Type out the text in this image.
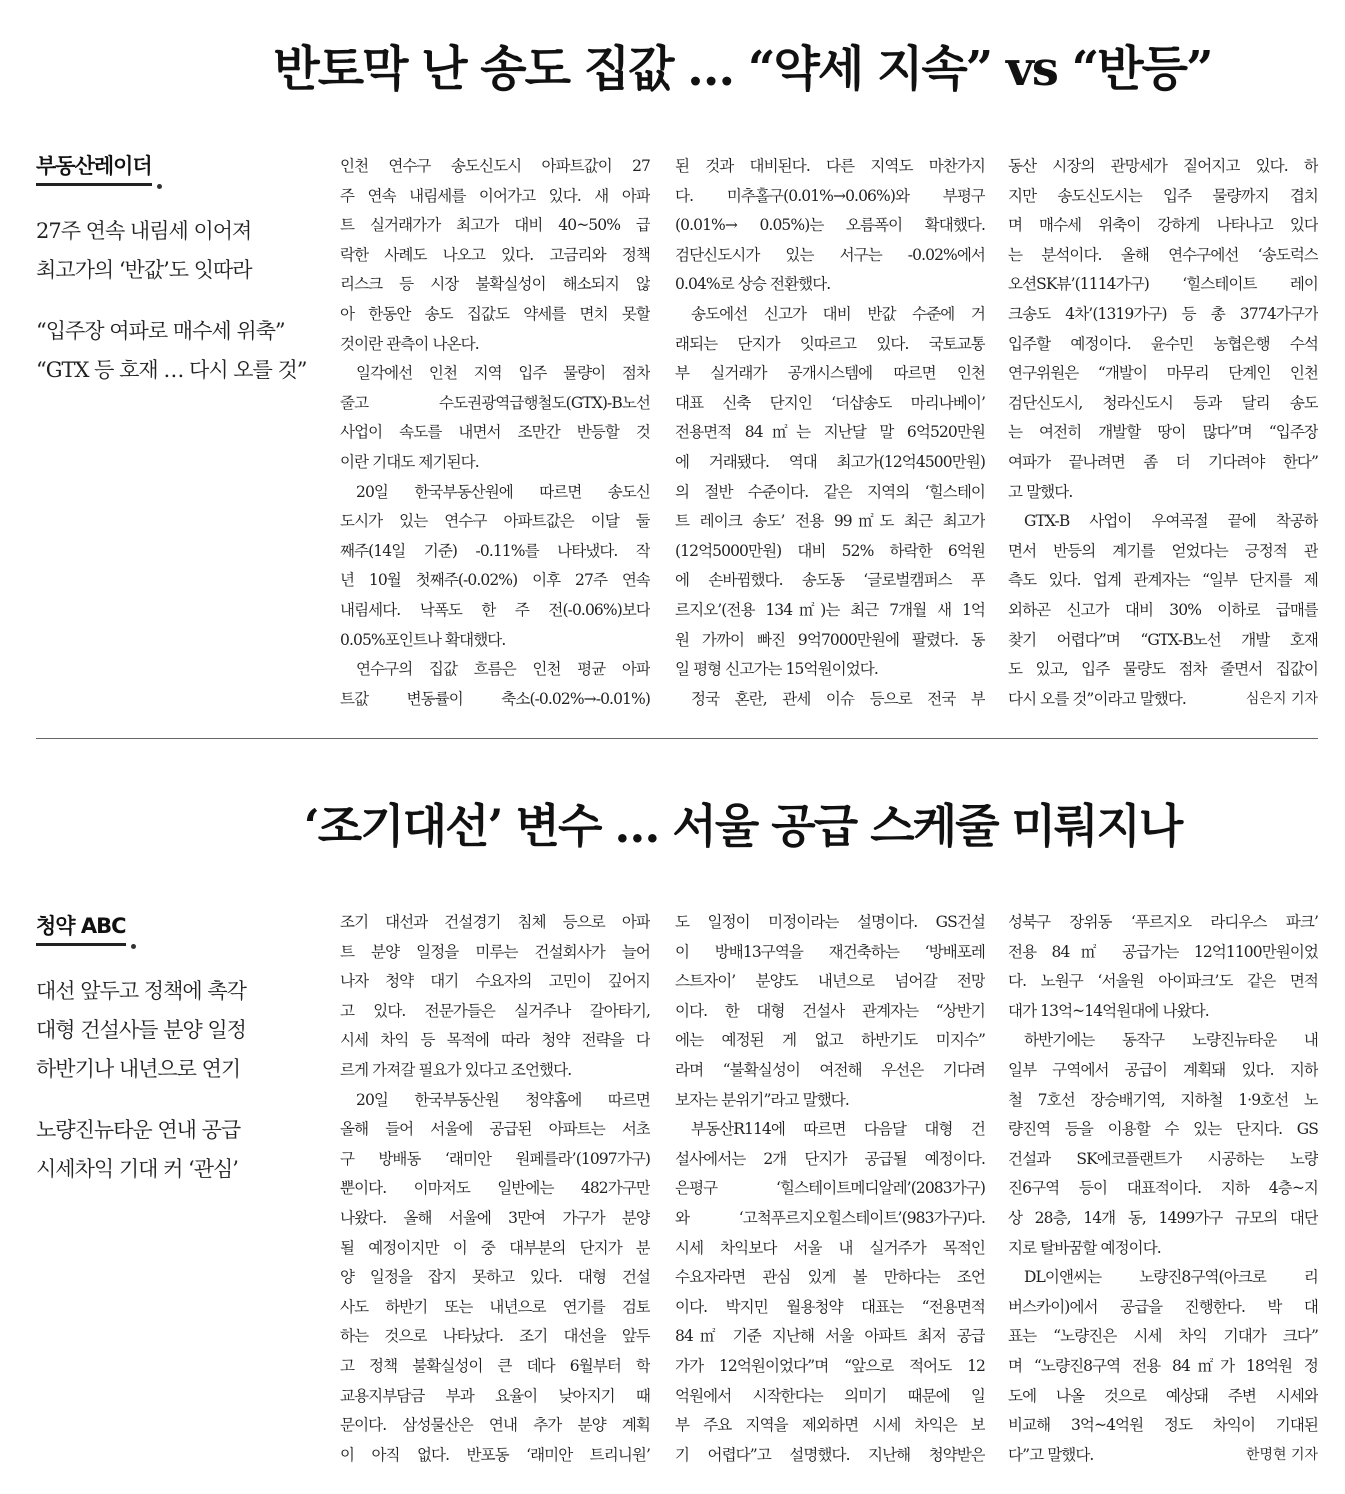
반토막 난 송도 집값 … “약세 지속” vs “반등”
부동산레이더
27주 연속 내림세 이어져
최고가의 ‘반값’도 잇따라
“입주장 여파로 매수세 위축”
“GTX 등 호재 … 다시 오를 것”
인천 연수구 송도신도시 아파트값이 27
주 연속 내림세를 이어가고 있다. 새 아파
트 실거래가가 최고가 대비 40~50% 급
락한 사례도 나오고 있다. 고금리와 정책
리스크 등 시장 불확실성이 해소되지 않
아 한동안 송도 집값도 약세를 면치 못할
것이란 관측이 나온다.
일각에선 인천 지역 입주 물량이 점차
줄고 수도권광역급행철도(GTX)-B노선
사업이 속도를 내면서 조만간 반등할 것
이란 기대도 제기된다.
20일 한국부동산원에 따르면 송도신
도시가 있는 연수구 아파트값은 이달 둘
째주(14일 기준) -0.11%를 나타냈다. 작
년 10월 첫째주(-0.02%) 이후 27주 연속
내림세다. 낙폭도 한 주 전(-0.06%)보다
0.05%포인트나 확대했다.
연수구의 집값 흐름은 인천 평균 아파
트값 변동률이 축소(-0.02%→-0.01%)
된 것과 대비된다. 다른 지역도 마찬가지
다. 미추홀구(0.01%→0.06%)와 부평구
(0.01%→ 0.05%)는 오름폭이 확대했다.
검단신도시가 있는 서구는 -0.02%에서
0.04%로 상승 전환했다.
송도에선 신고가 대비 반값 수준에 거
래되는 단지가 잇따르고 있다. 국토교통
부 실거래가 공개시스템에 따르면 인천
대표 신축 단지인 ‘더샵송도 마리나베이’
전용면적 84㎡는 지난달 말 6억520만원
에 거래됐다. 역대 최고가(12억4500만원)
의 절반 수준이다. 같은 지역의 ‘힐스테이
트 레이크 송도’ 전용 99㎡도 최근 최고가
(12억5000만원) 대비 52% 하락한 6억원
에 손바뀜했다. 송도동 ‘글로벌캠퍼스 푸
르지오’(전용 134㎡)는 최근 7개월 새 1억
원 가까이 빠진 9억7000만원에 팔렸다. 동
일 평형 신고가는 15억원이었다.
정국 혼란, 관세 이슈 등으로 전국 부
동산 시장의 관망세가 짙어지고 있다. 하
지만 송도신도시는 입주 물량까지 겹치
며 매수세 위축이 강하게 나타나고 있다
는 분석이다. 올해 연수구에선 ‘송도럭스
오션SK뷰’(1114가구) ‘힐스테이트 레이
크송도 4차’(1319가구) 등 총 3774가구가
입주할 예정이다. 윤수민 농협은행 수석
연구위원은 “개발이 마무리 단계인 인천
검단신도시, 청라신도시 등과 달리 송도
는 여전히 개발할 땅이 많다”며 “입주장
여파가 끝나려면 좀 더 기다려야 한다”
고 말했다.
GTX-B 사업이 우여곡절 끝에 착공하
면서 반등의 계기를 얻었다는 긍정적 관
측도 있다. 업계 관계자는 “일부 단지를 제
외하곤 신고가 대비 30% 이하로 급매를
찾기 어렵다”며 “GTX-B노선 개발 호재
도 있고, 입주 물량도 점차 줄면서 집값이
다시 오를 것”이라고 말했다.	심은지 기자
‘조기대선’ 변수 … 서울 공급 스케줄 미뤄지나
청약 ABC
대선 앞두고 정책에 촉각
대형 건설사들 분양 일정
하반기나 내년으로 연기
노량진뉴타운 연내 공급
시세차익 기대 커 ‘관심’
조기 대선과 건설경기 침체 등으로 아파
트 분양 일정을 미루는 건설회사가 늘어
나자 청약 대기 수요자의 고민이 깊어지
고 있다. 전문가들은 실거주나 갈아타기,
시세 차익 등 목적에 따라 청약 전략을 다
르게 가져갈 필요가 있다고 조언했다.
20일 한국부동산원 청약홈에 따르면
올해 들어 서울에 공급된 아파트는 서초
구 방배동 ‘래미안 원페를라’(1097가구)
뿐이다. 이마저도 일반에는 482가구만
나왔다. 올해 서울에 3만여 가구가 분양
될 예정이지만 이 중 대부분의 단지가 분
양 일정을 잡지 못하고 있다. 대형 건설
사도 하반기 또는 내년으로 연기를 검토
하는 것으로 나타났다. 조기 대선을 앞두
고 정책 불확실성이 큰 데다 6월부터 학
교용지부담금 부과 요율이 낮아지기 때
문이다. 삼성물산은 연내 추가 분양 계획
이 아직 없다. 반포동 ‘래미안 트리니원’
도 일정이 미정이라는 설명이다. GS건설
이 방배13구역을 재건축하는 ‘방배포레
스트자이’ 분양도 내년으로 넘어갈 전망
이다. 한 대형 건설사 관계자는 “상반기
에는 예정된 게 없고 하반기도 미지수”
라며 “불확실성이 여전해 우선은 기다려
보자는 분위기”라고 말했다.
부동산R114에 따르면 다음달 대형 건
설사에서는 2개 단지가 공급될 예정이다.
은평구 ‘힐스테이트메디알레’(2083가구)
와 ‘고척푸르지오힐스테이트’(983가구)다.
시세 차익보다 서울 내 실거주가 목적인
수요자라면 관심 있게 볼 만하다는 조언
이다. 박지민 월용청약 대표는 “전용면적
84㎡ 기준 지난해 서울 아파트 최저 공급
가가 12억원이었다”며 “앞으로 적어도 12
억원에서 시작한다는 의미기 때문에 일
부 주요 지역을 제외하면 시세 차익은 보
기 어렵다”고 설명했다. 지난해 청약받은
성북구 장위동 ‘푸르지오 라디우스 파크’
전용 84㎡ 공급가는 12억1100만원이었
다. 노원구 ‘서울원 아이파크’도 같은 면적
대가 13억~14억원대에 나왔다.
하반기에는 동작구 노량진뉴타운 내
일부 구역에서 공급이 계획돼 있다. 지하
철 7호선 장승배기역, 지하철 1·9호선 노
량진역 등을 이용할 수 있는 단지다. GS
건설과 SK에코플랜트가 시공하는 노량
진6구역 등이 대표적이다. 지하 4층~지
상 28층, 14개 동, 1499가구 규모의 대단
지로 탈바꿈할 예정이다.
DL이앤씨는 노량진8구역(아크로 리
버스카이)에서 공급을 진행한다. 박 대
표는 “노량진은 시세 차익 기대가 크다”
며 “노량진8구역 전용 84㎡가 18억원 정
도에 나올 것으로 예상돼 주변 시세와
비교해 3억~4억원 정도 차익이 기대된
다”고 말했다.	한명현 기자
